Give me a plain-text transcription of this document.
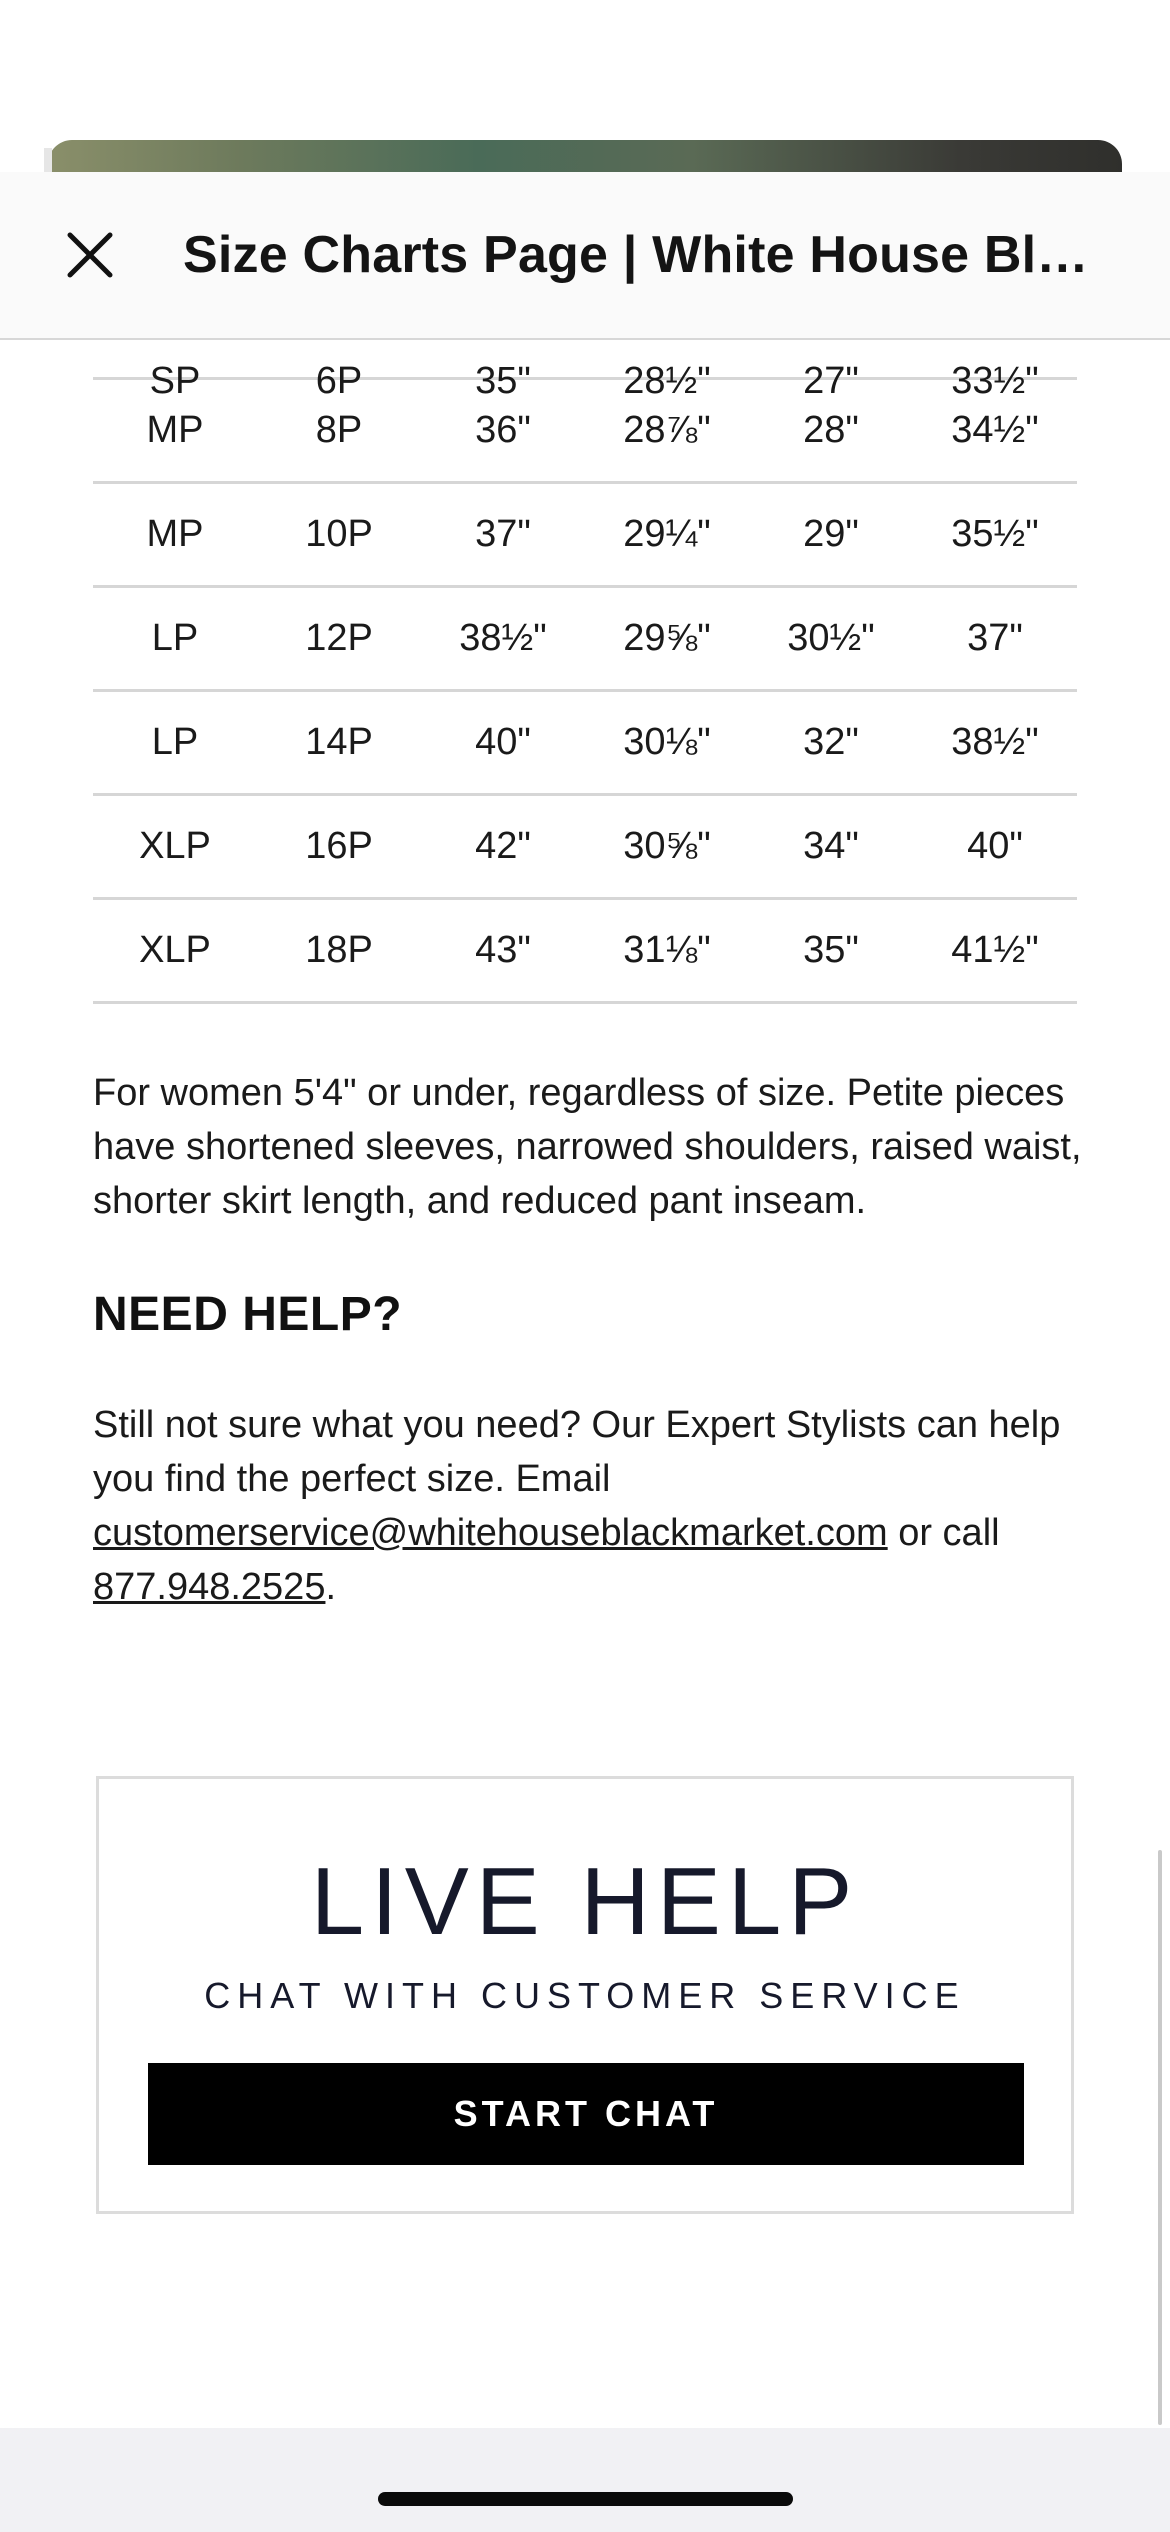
Size Charts Page | White House Bl…
SP	6P	35"	28½"	27"	33½"
MP	8P	36"	28⅞"	28"	34½"
MP	10P	37"	29¼"	29"	35½"
LP	12P	38½"	29⅝"	30½"	37"
LP	14P	40"	30⅛"	32"	38½"
XLP	16P	42"	30⅝"	34"	40"
XLP	18P	43"	31⅛"	35"	41½"

For women 5'4" or under, regardless of size. Petite pieces have shortened sleeves, narrowed shoulders, raised waist, shorter skirt length, and reduced pant inseam.

NEED HELP?

Still not sure what you need? Our Expert Stylists can help you find the perfect size. Email customerservice@whitehouseblackmarket.com or call 877.948.2525.

LIVE HELP
CHAT WITH CUSTOMER SERVICE
START CHAT
